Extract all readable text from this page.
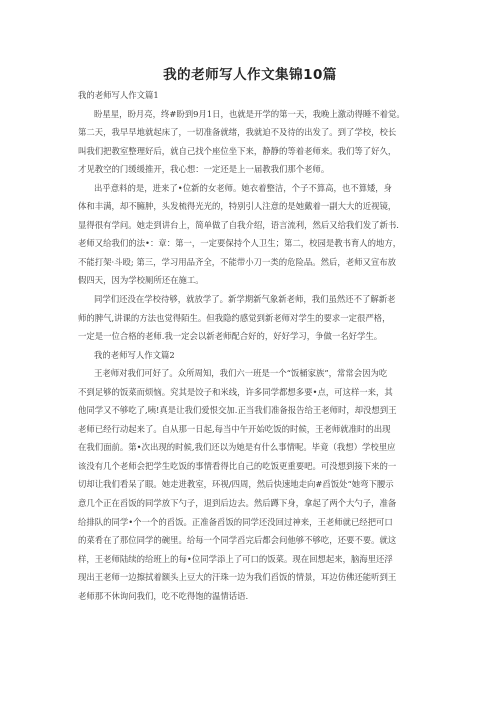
我的老师写人作文集锦10篇
我的老师写人作文篇1
盼星星，盼月亮，终#盼到9月1日，也就是开学的第一天，我晚上激动得睡不着觉。
第二天，我早早地就起床了，一切准备就绪，我就迫不及待的出发了。到了学校，校长
叫我们把教室整理好后，就自己找个座位坐下来，静静的等着老师来。我们等了好久，
才见教空的门缓缓推开，我心想：一定还是上一届教我们那个老师。
出乎意料的是，进来了•位新的女老师。她衣着整洁，个子不算高，也不算矮，身
体和丰满，却不臃肿，头发梳得光光的，特别引人注意的是她戴着一副大大的近视镜，
显得很有学问。她走到讲台上，简单做了自我介绍，语言流利，然后又给我们发了新书.
老师又给我们的法•：章：第一，一定要保持个人卫生；第二，校园是教书育人的地方，
不能打架·斗殴; 第三，学习用品齐全，不能带小刀一类的危险品。然后，老师又宣布放
假四天，因为学校厕所还在施工。
同学们还没在学校待够，就放学了。新学期新气象新老师，我们虽然还不了解新老
师的脾气,讲课的方法也觉得陌生。但我隐约感觉到新老师对学生的要求一定很严格，
一定是一位合格的老师.我一定会以新老师配合好的，好好学习，争做一名好学生。
我的老师写人作文篇2
王老师对我们可好了。众所周知，我们六一班是一个“饭桶家族”，常常会因为吃
不到足够的饭菜而烦恼。究其是饺子和米线，许多同学都想多要•点，可这样一来，其
他同学又不够吃了,咦!真是让我们爱恨交加.正当我们准备报告给王老师时，却没想到王
老师已经行动起来了。自从那一日起,每当中午开始吃饭的时候，王老师就准时的出现
在我们面前。第•次出现的时候,我们还以为她是有什么事情呢。毕竟（我想）学校里应
该没有几个老师会把学生吃饭的事情看得比自己的吃饭更重要吧。可没想到接下来的一
切却让我们看呆了眼。她走进教室，环视/四周，然后快速地走向#舀饭处“她弯下腰示
意几个正在舀饭的同学放下勺子，退到后边去。然后蹲下身，拿起了两个大勺子，准备
给排队的同学•个一个的舀饭。正准备舀饭的同学还没回过神来，王老师就已经把可口
的菜肴在了那位同学的碗里。给每一个同学舀完后都会问他够不够吃，还要不要。就这
样，王老师陆续的给班上的每•位同学添上了可口的饭菜。现在回想起来，脑海里还浮
现出王老师一边擦拭着额头上豆大的汗珠一边为我们舀饭的情景，耳边仿佛还能听到王
老师那不休询问我们，吃不吃得饱的温情话语.
